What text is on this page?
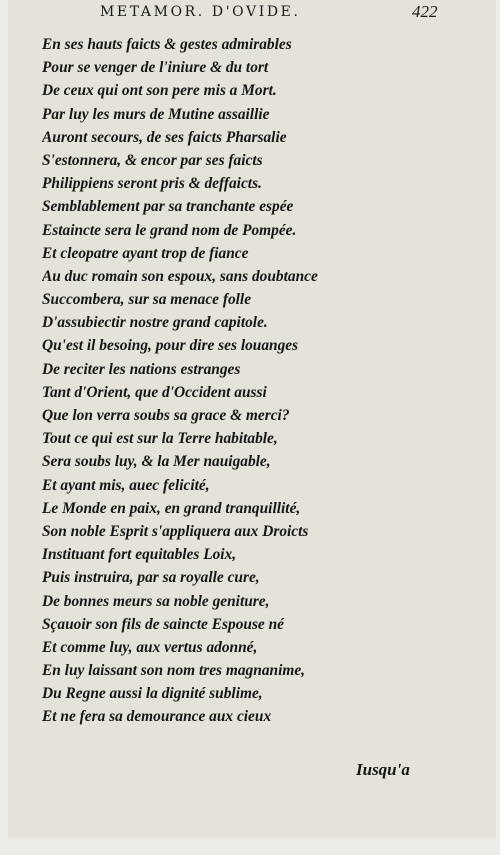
METAMOR. D'OVIDE.	422
En ses hauts faicts & gestes admirables
Pour se venger de l'iniure & du tort
De ceux qui ont son pere mis a Mort.
Par luy les murs de Mutine assaillie
Auront secours, de ses faicts Pharsalie
S'estonnera, & encor par ses faicts
Philippiens seront pris & deffaicts.
Semblablement par sa tranchante espée
Estaincte sera le grand nom de Pompée.
Et cleopatre ayant trop de fiance
Au duc romain son espoux, sans doubtance
Succombera, sur sa menace folle
D'assubiectir nostre grand capitole.
Qu'est il besoing, pour dire ses louanges
De reciter les nations estranges
Tant d'Orient, que d'Occident aussi
Que lon verra soubs sa grace & merci?
Tout ce qui est sur la Terre habitable,
Sera soubs luy, & la Mer nauigable,
Et ayant mis, auec felicité,
Le Monde en paix, en grand tranquillité,
Son noble Esprit s'appliquera aux Droicts
Instituant fort equitables Loix,
Puis instruira, par sa royalle cure,
De bonnes meurs sa noble geniture,
Sçauoir son fils de saincte Espouse né
Et comme luy, aux vertus adonné,
En luy laissant son nom tres magnanime,
Du Regne aussi la dignité sublime,
Et ne fera sa demourance aux cieux
Iusqu'a
